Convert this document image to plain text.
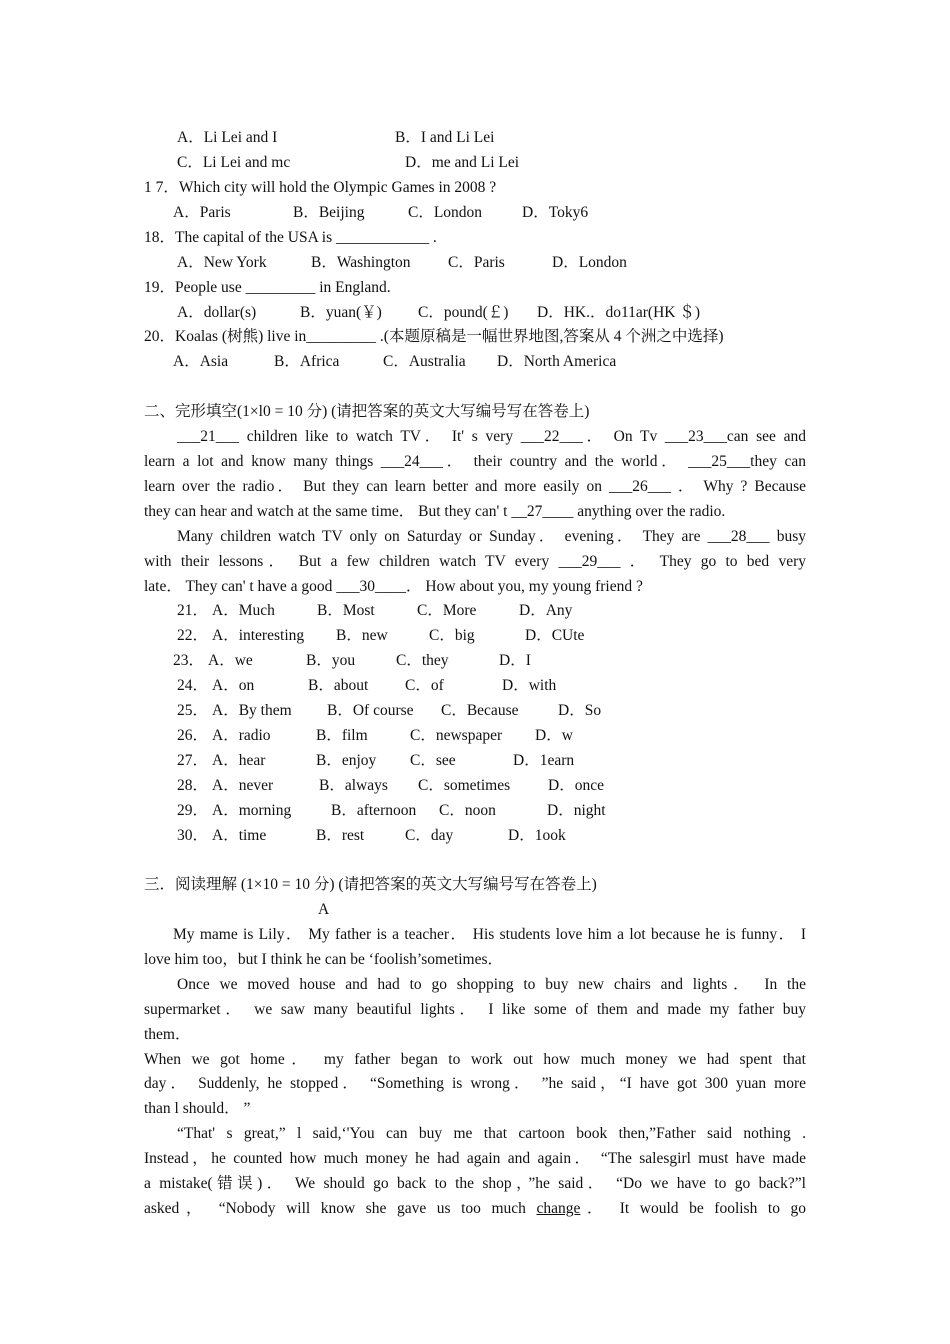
A．Li Lei and I	B．I and Li Lei
C．Li Lei and mc	D．me and Li Lei
1 7．Which city will hold the Olympic Games in 2008 ?
A．Paris	B．Beijing	C．London	D．Toky6
18．The capital of the USA is ____________ .
A．New York	B．Washington C．Paris	D．London
19．People use _________ in England.
A．dollar(s)	B．yuan(￥) C．pound(￡) D．HK.．do11ar(HK ＄)
20．Koalas (树熊) live in_________ .(本题原稿是一幅世界地图,答案从 4 个洲之中选择)
A．Asia	B．Africa	C．Australia D．North America
二、完形填空(1×l0 = 10 分) (请把答案的英文大写编号写在答卷上)
___21___ children like to watch TV． It' s very ___22___． On Tv ___23___can see and
learn a lot and know many things ___24___． their country and the world． ___25___they can
learn over the radio． But they can learn better and more easily on ___26___ ． Why ? Because
they can hear and watch at the same time． But they can' t __27____ anything over the radio.
Many children watch TV only on Saturday or Sunday． evening． They are ___28___ busy
with their lessons． But a few children watch TV every ___29___ ． They go to bed very
late． They can' t have a good ___30____． How about you, my young friend ?
21． A．Much	B．Most	C．More	D．Any
22． A．interesting B．new	C．big	D．CUte
23． A．we	B．you	C．they	D．I
24． A．on	B．about C．of	D．with
25． A．By them B．Of course C．Because	D．So
26． A．radio	B．film	C．newspaper D．w
27． A．hear	B．enjoy C．see	D．1earn
28． A．never	B．always C．sometimes D．once
29． A．morning	B．afternoon C．noon	D．night
30． A．time	B．rest	C．day	D．1ook
三．阅读理解 (1×10 = 10 分) (请把答案的英文大写编号写在答卷上)
A
My mame is Lily． My father is a teacher． His students love him a lot because he is funny． I
love him too，but I think he can be ‘foolish’sometimes．
Once we moved house and had to go shopping to buy new chairs and lights． In the
supermarket． we saw many beautiful lights． I like some of them and made my father buy
them．
When we got home． my father began to work out how much money we had spent that
day． Suddenly, he stopped． “Something is wrong． ”he said，“I have got 300 yuan more
than l should． ”
“That' s great,” l said,‘'You can buy me that cartoon book then,”Father said nothing .
Instead，he counted how much money he had again and again． “The salesgirl must have made
a mistake(错误)． We should go back to the shop，”he said． “Do we have to go back?”l
asked， “Nobody will know she gave us too much change． It would be foolish to go
